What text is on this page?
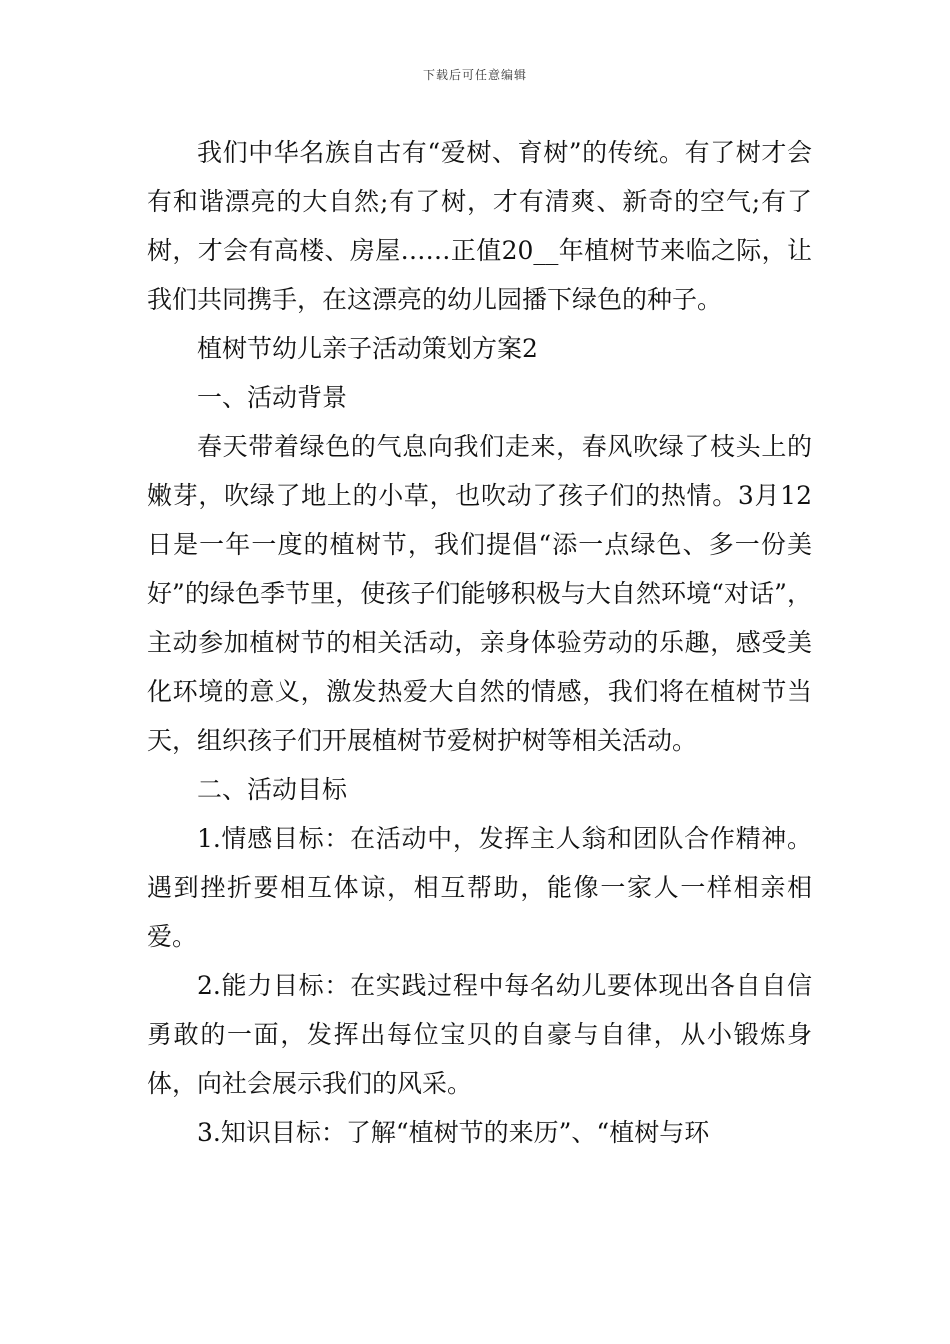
下载后可任意编辑

我们中华名族自古有“爱树、育树”的传统。有了树才会有和谐漂亮的大自然;有了树，才有清爽、新奇的空气;有了树，才会有高楼、房屋……正值20__年植树节来临之际，让我们共同携手，在这漂亮的幼儿园播下绿色的种子。

植树节幼儿亲子活动策划方案2

一、活动背景

春天带着绿色的气息向我们走来，春风吹绿了枝头上的嫩芽，吹绿了地上的小草，也吹动了孩子们的热情。3月12日是一年一度的植树节，我们提倡“添一点绿色、多一份美好”的绿色季节里，使孩子们能够积极与大自然环境“对话”，主动参加植树节的相关活动，亲身体验劳动的乐趣，感受美化环境的意义，激发热爱大自然的情感，我们将在植树节当天，组织孩子们开展植树节爱树护树等相关活动。

二、活动目标

1.情感目标：在活动中，发挥主人翁和团队合作精神。遇到挫折要相互体谅，相互帮助，能像一家人一样相亲相爱。

2.能力目标：在实践过程中每名幼儿要体现出各自自信勇敢的一面，发挥出每位宝贝的自豪与自律，从小锻炼身体，向社会展示我们的风采。

3.知识目标：了解“植树节的来历”、“植树与环
